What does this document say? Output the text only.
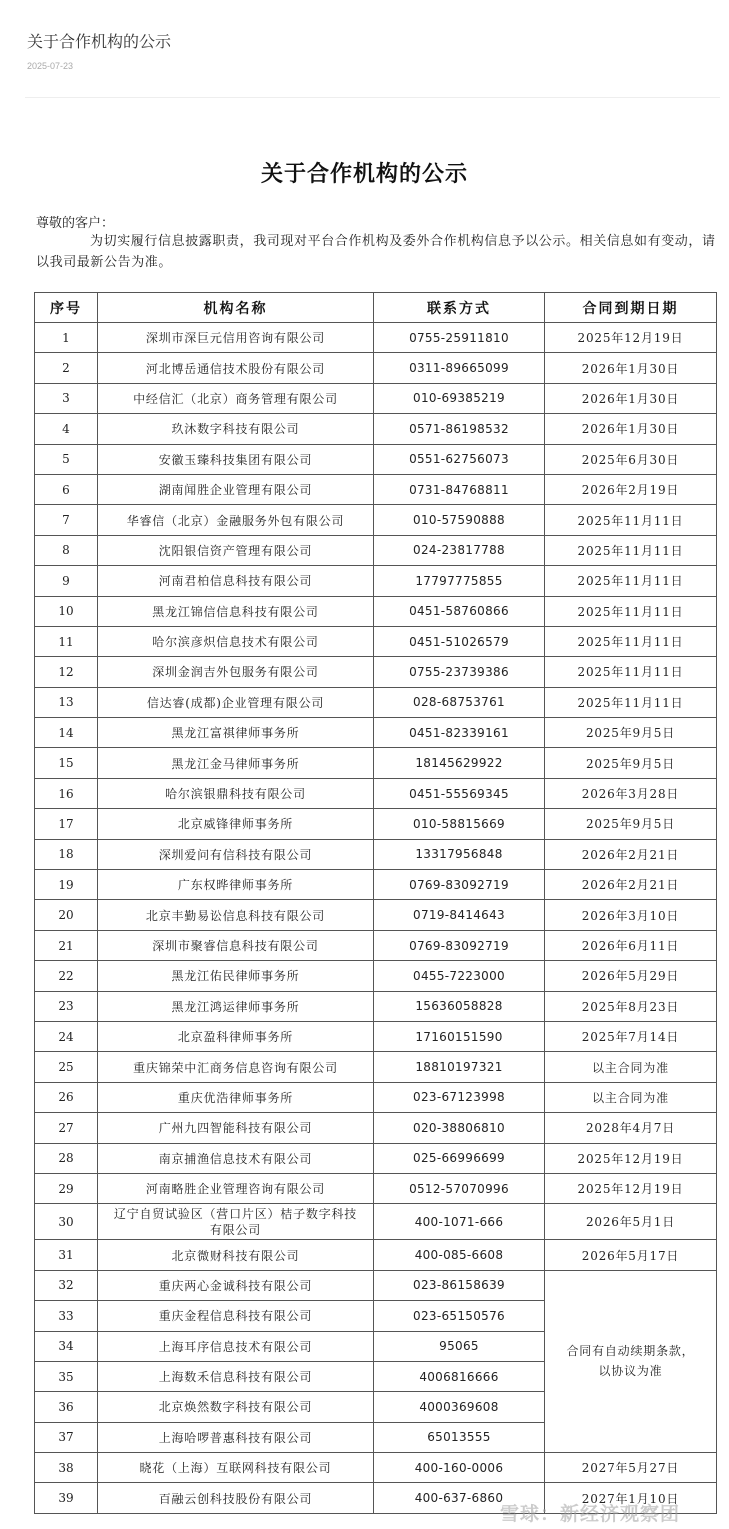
关于合作机构的公示
2025-07-23
关于合作机构的公示
尊敬的客户：
为切实履行信息披露职责，我司现对平台合作机构及委外合作机构信息予以公示。相关信息如有变动，请以我司最新公告为准。
序号	机构名称	联系方式	合同到期日期
1	深圳市深巨元信用咨询有限公司	0755-25911810	2025年12月19日
2	河北博岳通信技术股份有限公司	0311-89665099	2026年1月30日
3	中经信汇（北京）商务管理有限公司	010-69385219	2026年1月30日
4	玖沐数字科技有限公司	0571-86198532	2026年1月30日
5	安徽玉臻科技集团有限公司	0551-62756073	2025年6月30日
6	湖南闻胜企业管理有限公司	0731-84768811	2026年2月19日
7	华睿信（北京）金融服务外包有限公司	010-57590888	2025年11月11日
8	沈阳银信资产管理有限公司	024-23817788	2025年11月11日
9	河南君柏信息科技有限公司	17797775855	2025年11月11日
10	黑龙江锦信信息科技有限公司	0451-58760866	2025年11月11日
11	哈尔滨彦炽信息技术有限公司	0451-51026579	2025年11月11日
12	深圳金润吉外包服务有限公司	0755-23739386	2025年11月11日
13	信达睿(成都)企业管理有限公司	028-68753761	2025年11月11日
14	黑龙江富祺律师事务所	0451-82339161	2025年9月5日
15	黑龙江金马律师事务所	18145629922	2025年9月5日
16	哈尔滨银鼎科技有限公司	0451-55569345	2026年3月28日
17	北京威锋律师事务所	010-58815669	2025年9月5日
18	深圳爱问有信科技有限公司	13317956848	2026年2月21日
19	广东权晔律师事务所	0769-83092719	2026年2月21日
20	北京丰勤易讼信息科技有限公司	0719-8414643	2026年3月10日
21	深圳市聚睿信息科技有限公司	0769-83092719	2026年6月11日
22	黑龙江佑民律师事务所	0455-7223000	2026年5月29日
23	黑龙江鸿运律师事务所	15636058828	2025年8月23日
24	北京盈科律师事务所	17160151590	2025年7月14日
25	重庆锦荣中汇商务信息咨询有限公司	18810197321	以主合同为准
26	重庆优浩律师事务所	023-67123998	以主合同为准
27	广州九四智能科技有限公司	020-38806810	2028年4月7日
28	南京捕渔信息技术有限公司	025-66996699	2025年12月19日
29	河南略胜企业管理咨询有限公司	0512-57070996	2025年12月19日
30	辽宁自贸试验区（营口片区）桔子数字科技有限公司	400-1071-666	2026年5月1日
31	北京微财科技有限公司	400-085-6608	2026年5月17日
32	重庆两心金诚科技有限公司	023-86158639	合同有自动续期条款，以协议为准
33	重庆金程信息科技有限公司	023-65150576	
34	上海耳序信息技术有限公司	95065	
35	上海数禾信息科技有限公司	4006816666	
36	北京焕然数字科技有限公司	4000369608	
37	上海哈啰普惠科技有限公司	65013555	
38	晓花（上海）互联网科技有限公司	400-160-0006	2027年5月27日
39	百融云创科技股份有限公司	400-637-6860	2027年1月10日
雪球：新经济观察团
